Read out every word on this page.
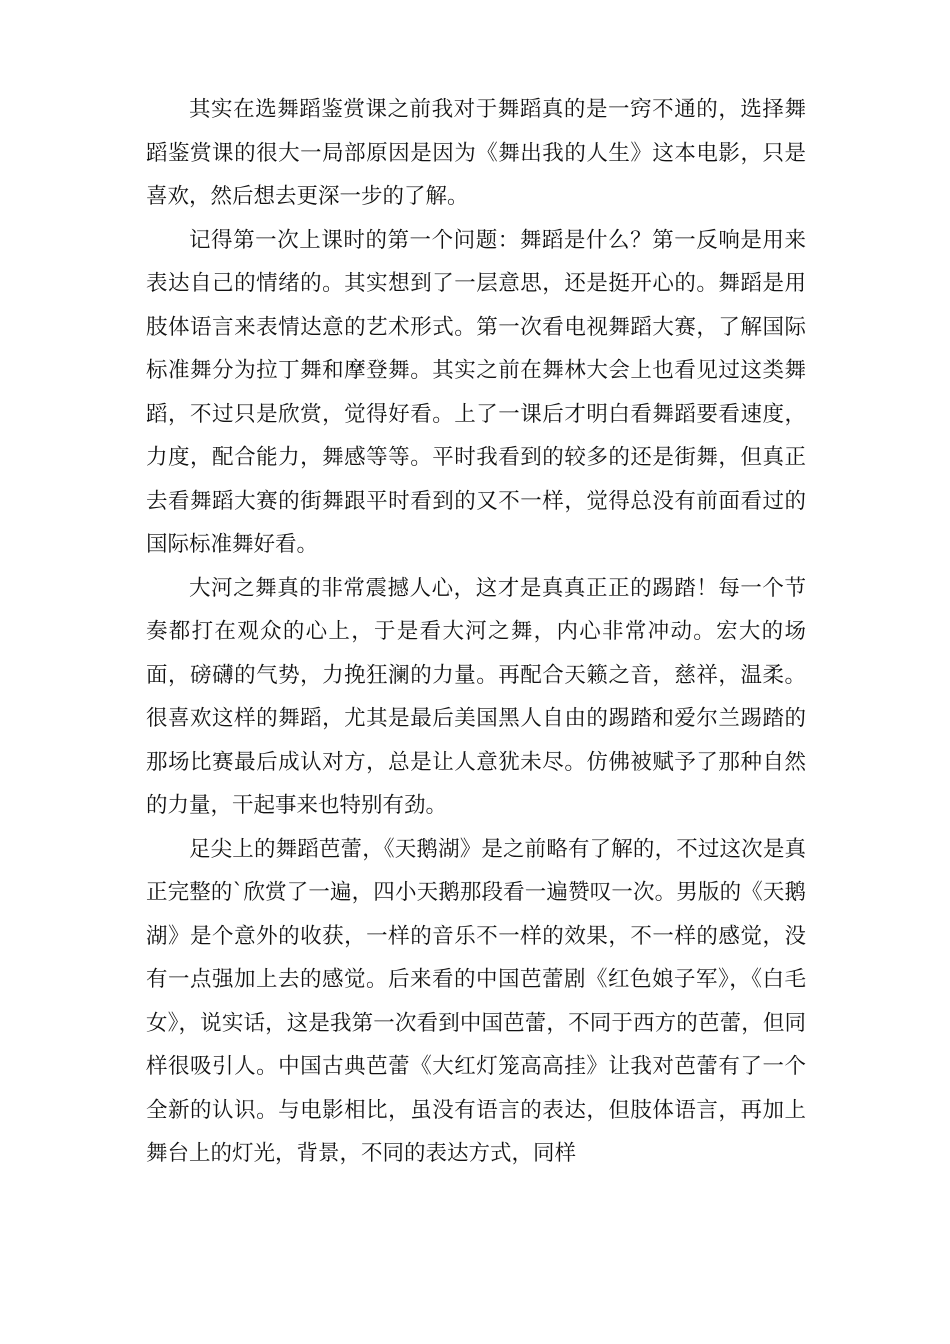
其实在选舞蹈鉴赏课之前我对于舞蹈真的是一窍不通的，选择舞蹈鉴赏课的很大一局部原因是因为《舞出我的人生》这本电影，只是喜欢，然后想去更深一步的了解。

记得第一次上课时的第一个问题：舞蹈是什么？第一反响是用来表达自己的情绪的。其实想到了一层意思，还是挺开心的。舞蹈是用肢体语言来表情达意的艺术形式。第一次看电视舞蹈大赛，了解国际标准舞分为拉丁舞和摩登舞。其实之前在舞林大会上也看见过这类舞蹈，不过只是欣赏，觉得好看。上了一课后才明白看舞蹈要看速度，力度，配合能力，舞感等等。平时我看到的较多的还是街舞，但真正去看舞蹈大赛的街舞跟平时看到的又不一样，觉得总没有前面看过的国际标准舞好看。

大河之舞真的非常震撼人心，这才是真真正正的踢踏！每一个节奏都打在观众的心上，于是看大河之舞，内心非常冲动。宏大的场面，磅礴的气势，力挽狂澜的力量。再配合天籁之音，慈祥，温柔。很喜欢这样的舞蹈，尤其是最后美国黑人自由的踢踏和爱尔兰踢踏的那场比赛最后成认对方，总是让人意犹未尽。仿佛被赋予了那种自然的力量，干起事来也特别有劲。

足尖上的舞蹈芭蕾，《天鹅湖》是之前略有了解的，不过这次是真正完整的`欣赏了一遍，四小天鹅那段看一遍赞叹一次。男版的《天鹅湖》是个意外的收获，一样的音乐不一样的效果，不一样的感觉，没有一点强加上去的感觉。后来看的中国芭蕾剧《红色娘子军》，《白毛女》，说实话，这是我第一次看到中国芭蕾，不同于西方的芭蕾，但同样很吸引人。中国古典芭蕾《大红灯笼高高挂》让我对芭蕾有了一个全新的认识。与电影相比，虽没有语言的表达，但肢体语言，再加上舞台上的灯光，背景，不同的表达方式，同样
